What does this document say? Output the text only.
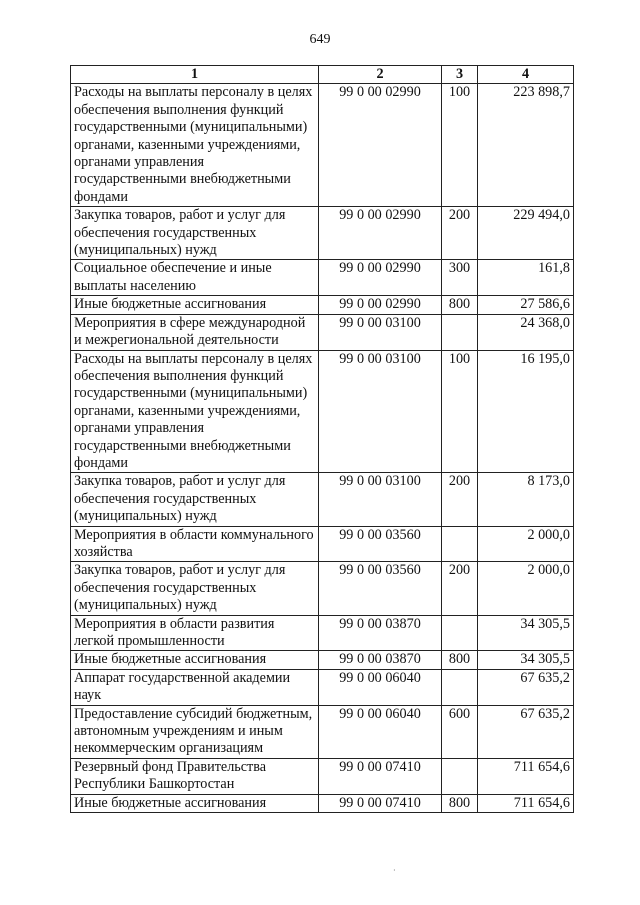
649
1	2	3	4
Расходы на выплаты персоналу в целях обеспечения выполнения функций государственными (муниципальными) органами, казенными учреждениями, органами управления государственными внебюджетными фондами	99 0 00 02990	100	223 898,7
Закупка товаров, работ и услуг для обеспечения государственных (муниципальных) нужд	99 0 00 02990	200	229 494,0
Социальное обеспечение и иные выплаты населению	99 0 00 02990	300	161,8
Иные бюджетные ассигнования	99 0 00 02990	800	27 586,6
Мероприятия в сфере международной и межрегиональной деятельности	99 0 00 03100		24 368,0
Расходы на выплаты персоналу в целях обеспечения выполнения функций государственными (муниципальными) органами, казенными учреждениями, органами управления государственными внебюджетными фондами	99 0 00 03100	100	16 195,0
Закупка товаров, работ и услуг для обеспечения государственных (муниципальных) нужд	99 0 00 03100	200	8 173,0
Мероприятия в области коммунального хозяйства	99 0 00 03560		2 000,0
Закупка товаров, работ и услуг для обеспечения государственных (муниципальных) нужд	99 0 00 03560	200	2 000,0
Мероприятия в области развития легкой промышленности	99 0 00 03870		34 305,5
Иные бюджетные ассигнования	99 0 00 03870	800	34 305,5
Аппарат государственной академии наук	99 0 00 06040		67 635,2
Предоставление субсидий бюджетным, автономным учреждениям и иным некоммерческим организациям	99 0 00 06040	600	67 635,2
Резервный фонд Правительства Республики Башкортостан	99 0 00 07410		711 654,6
Иные бюджетные ассигнования	99 0 00 07410	800	711 654,6
·
